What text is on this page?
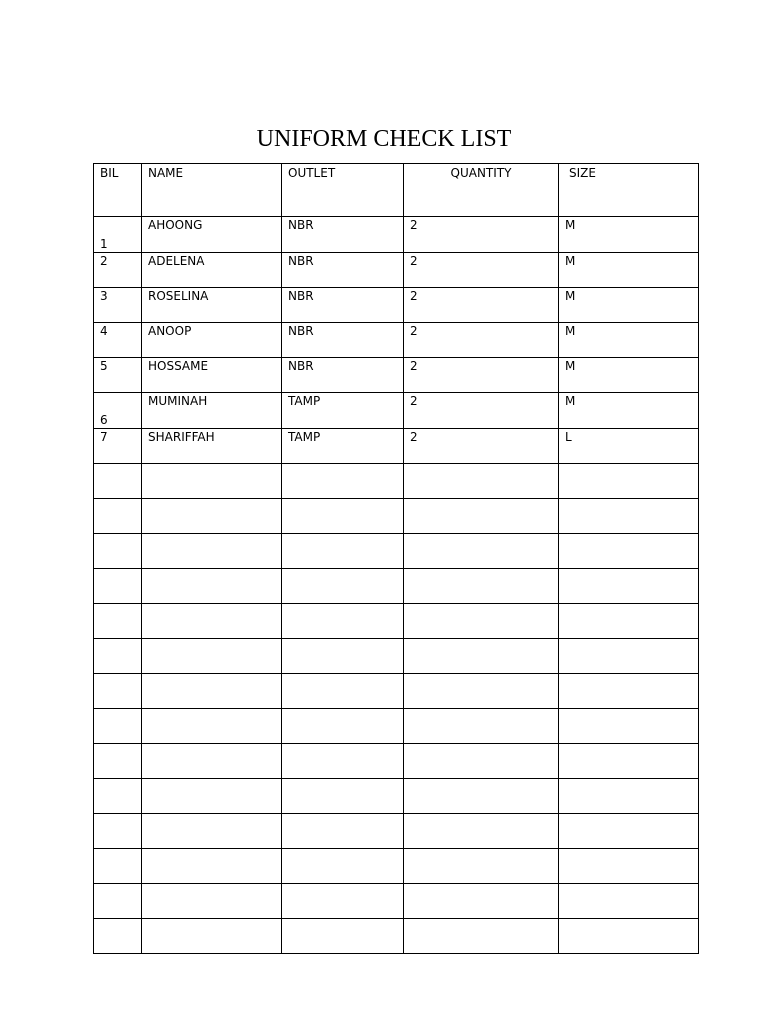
UNIFORM CHECK LIST
BIL	NAME	OUTLET	QUANTITY	SIZE
1	AHOONG	NBR	2	M
2	ADELENA	NBR	2	M
3	ROSELINA	NBR	2	M
4	ANOOP	NBR	2	M
5	HOSSAME	NBR	2	M
6	MUMINAH	TAMP	2	M
7	SHARIFFAH	TAMP	2	L
